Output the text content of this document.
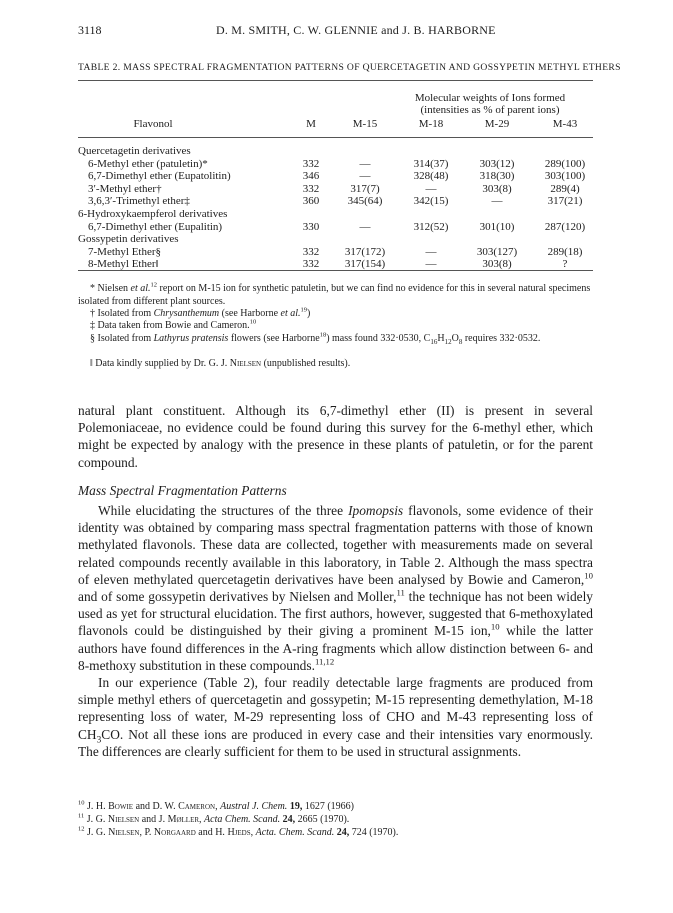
3118	D. M. SMITH, C. W. GLENNIE and J. B. HARBORNE
TABLE 2. MASS SPECTRAL FRAGMENTATION PATTERNS OF QUERCETAGETIN AND GOSSYPETIN METHYL ETHERS
Molecular weights of Ions formed
(intensities as % of parent ions)
Flavonol	M	M-15	M-18	M-29	M-43
Quercetagetin derivatives
6-Methyl ether (patuletin)*	332	—	314(37)	303(12)	289(100)
6,7-Dimethyl ether (Eupatolitin)	346	—	328(48)	318(30)	303(100)
3′-Methyl ether†	332	317(7)	—	303(8)	289(4)
3,6,3′-Trimethyl ether‡	360	345(64)	342(15)	—	317(21)
6-Hydroxykaempferol derivatives
6,7-Dimethyl ether (Eupalitin)	330	—	312(52)	301(10)	287(120)
Gossypetin derivatives
7-Methyl Ether§	332	317(172)	—	303(127)	289(18)
8-Methyl Ether‖	332	317(154)	—	303(8)	?
* Nielsen et al.$^{12}$ report on M-15 ion for synthetic patuletin, but we can find no evidence for this in several natural specimens isolated from different plant sources.
† Isolated from Chrysanthemum (see Harborne et al.$^{19}$)
‡ Data taken from Bowie and Cameron.$^{10}$
§ Isolated from Lathyrus pratensis flowers (see Harborne$^{18}$) mass found 332·0530, $C_{16}H_{12}O_8$ requires 332·0532.
‖ Data kindly supplied by Dr. G. J. Nielsen (unpublished results).

natural plant constituent. Although its 6,7-dimethyl ether (II) is present in several Polemoniaceae, no evidence could be found during this survey for the 6-methyl ether, which might be expected by analogy with the presence in these plants of patuletin, or for the parent compound.

Mass Spectral Fragmentation Patterns

While elucidating the structures of the three Ipomopsis flavonols, some evidence of their identity was obtained by comparing mass spectral fragmentation patterns with those of known methylated flavonols. These data are collected, together with measurements made on several related compounds recently available in this laboratory, in Table 2. Although the mass spectra of eleven methylated quercetagetin derivatives have been analysed by Bowie and Cameron,$^{10}$ and of some gossypetin derivatives by Nielsen and Moller,$^{11}$ the technique has not been widely used as yet for structural elucidation. The first authors, however, suggested that 6-methoxylated flavonols could be distinguished by their giving a prominent M-15 ion,$^{10}$ while the latter authors have found differences in the A-ring fragments which allow distinction between 6- and 8-methoxy substitution in these compounds.$^{11,12}$

In our experience (Table 2), four readily detectable large fragments are produced from simple methyl ethers of quercetagetin and gossypetin; M-15 representing demethylation, M-18 representing loss of water, M-29 representing loss of CHO and M-43 representing loss of $CH_3CO$. Not all these ions are produced in every case and their intensities vary enormously. The differences are clearly sufficient for them to be used in structural assignments.

$^{10}$ J. H. Bowie and D. W. Cameron, Austral J. Chem. 19, 1627 (1966)
$^{11}$ J. G. Nielsen and J. Møller, Acta Chem. Scand. 24, 2665 (1970).
$^{12}$ J. G. Nielsen, P. Norgaard and H. Hjeds, Acta. Chem. Scand. 24, 724 (1970).
